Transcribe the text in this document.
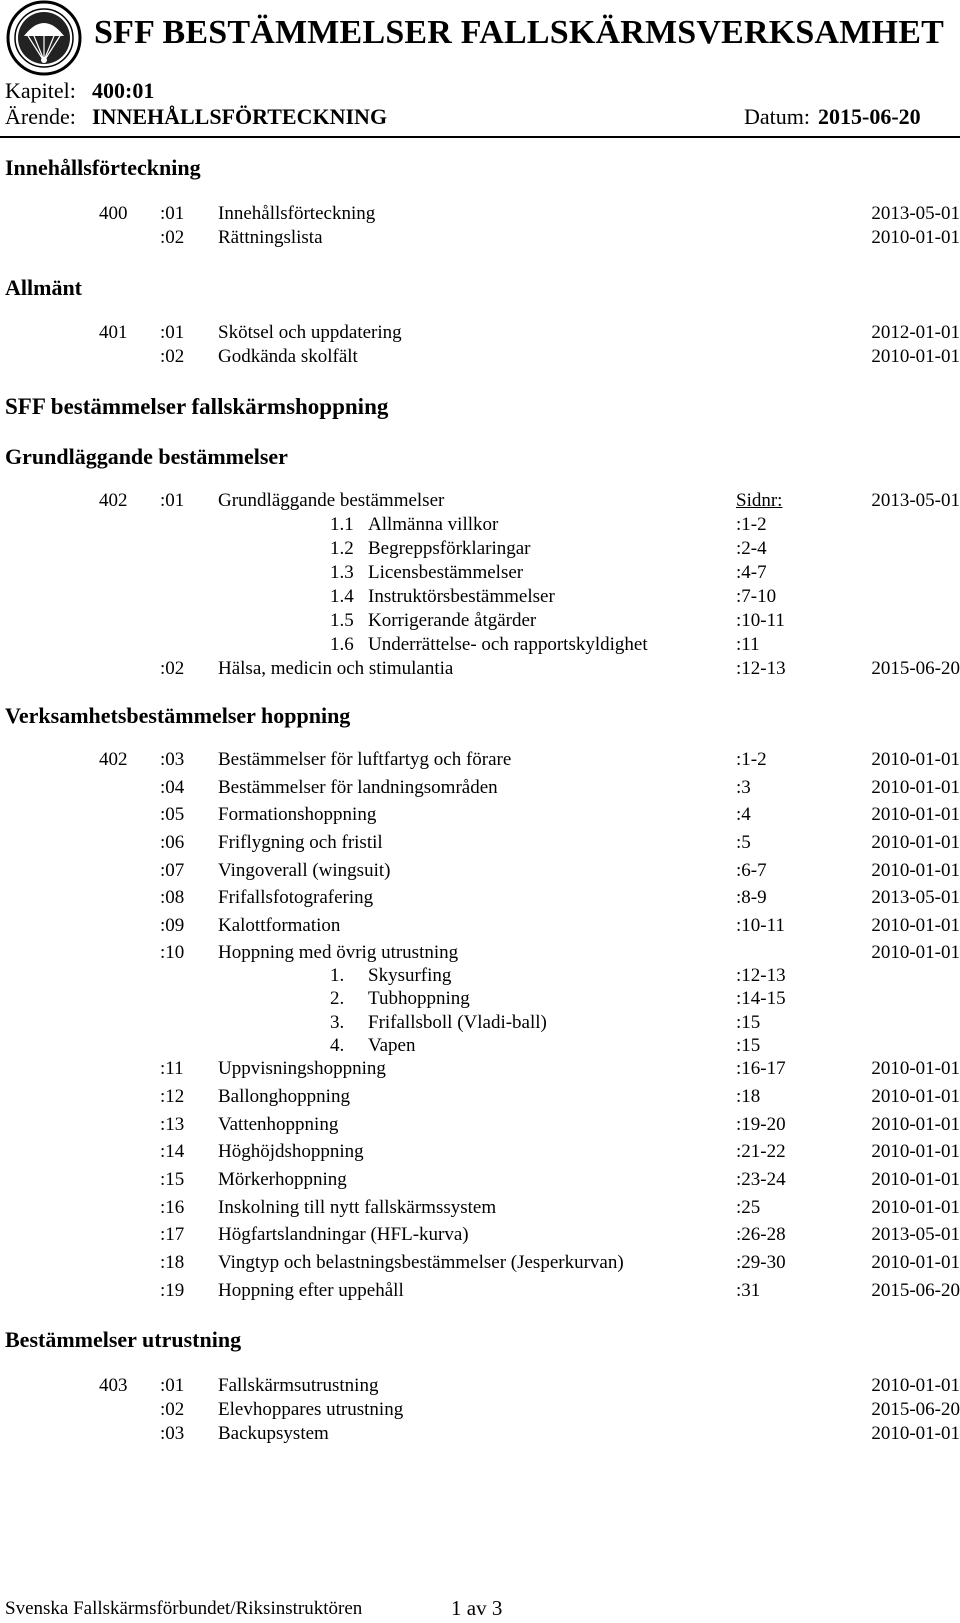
SFF BESTÄMMELSER FALLSKÄRMSVERKSAMHET
Kapitel: 400:01
Ärende: INNEHÅLLSFÖRTECKNING	Datum: 2015-06-20
Innehållsförteckning
Allmänt
SFF bestämmelser fallskärmshoppning
Grundläggande bestämmelser
Verksamhetsbestämmelser hoppning
Bestämmelser utrustning
400 :01 Innehållsförteckning	2013-05-01
:02 Rättningslista	2010-01-01
401 :01 Skötsel och uppdatering	2012-01-01
:02 Godkända skolfält	2010-01-01
402 :01 Grundläggande bestämmelser	Sidnr:	2013-05-01
1.1 Allmänna villkor	:1-2
1.2 Begreppsförklaringar	:2-4
1.3 Licensbestämmelser	:4-7
1.4 Instruktörsbestämmelser	:7-10
1.5 Korrigerande åtgärder	:10-11
1.6 Underrättelse- och rapportskyldighet	:11
:02 Hälsa, medicin och stimulantia	:12-13	2015-06-20
402 :03 Bestämmelser för luftfartyg och förare	:1-2	2010-01-01
:04 Bestämmelser för landningsområden	:3	2010-01-01
:05 Formationshoppning	:4	2010-01-01
:06 Friflygning och fristil	:5	2010-01-01
:07 Vingoverall (wingsuit)	:6-7	2010-01-01
:08 Frifallsfotografering	:8-9	2013-05-01
:09 Kalottformation	:10-11	2010-01-01
:10 Hoppning med övrig utrustning	2010-01-01
1. Skysurfing	:12-13
2. Tubhoppning	:14-15
3. Frifallsboll (Vladi-ball)	:15
4. Vapen	:15
:11 Uppvisningshoppning	:16-17	2010-01-01
:12 Ballonghoppning	:18	2010-01-01
:13 Vattenhoppning	:19-20	2010-01-01
:14 Höghöjdshoppning	:21-22	2010-01-01
:15 Mörkerhoppning	:23-24	2010-01-01
:16 Inskolning till nytt fallskärmssystem	:25	2010-01-01
:17 Högfartslandningar (HFL-kurva)	:26-28	2013-05-01
:18 Vingtyp och belastningsbestämmelser (Jesperkurvan)	:29-30	2010-01-01
:19 Hoppning efter uppehåll	:31	2015-06-20
403 :01 Fallskärmsutrustning	2010-01-01
:02 Elevhoppares utrustning	2015-06-20
:03 Backupsystem	2010-01-01
Svenska Fallskärmsförbundet/Riksinstruktören	1 av 3
